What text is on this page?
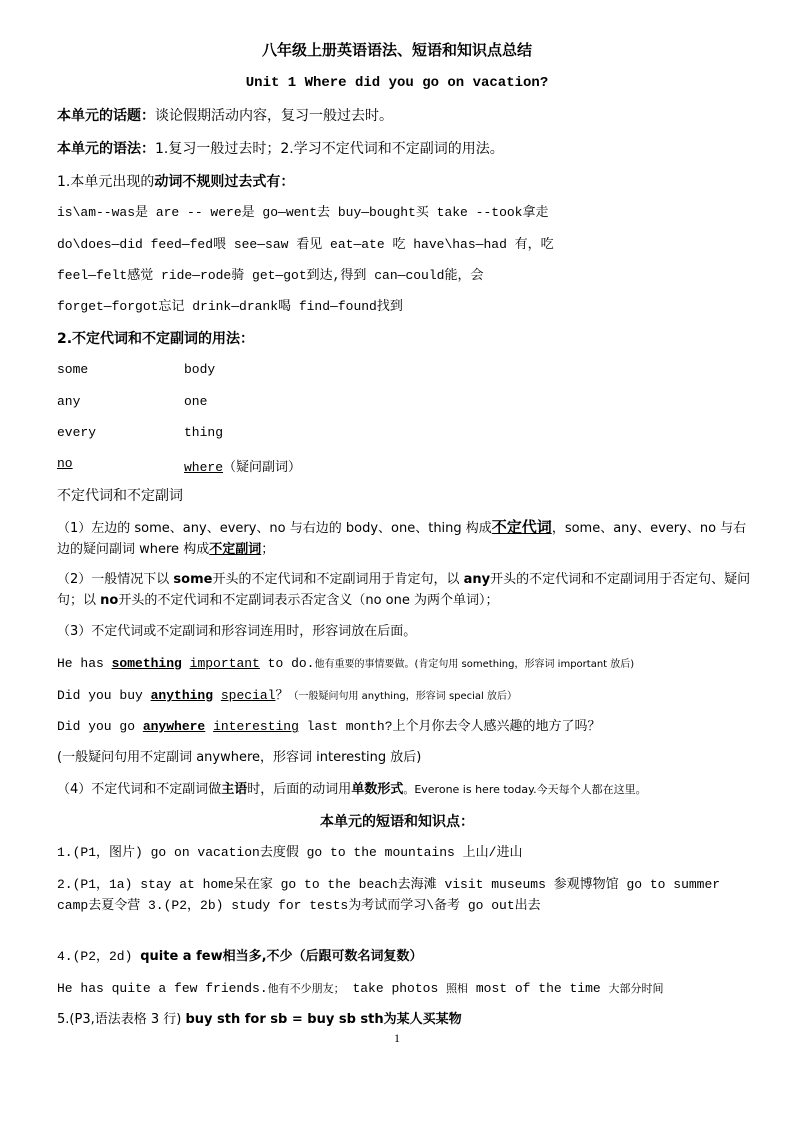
八年级上册英语语法、短语和知识点总结
Unit 1 Where did you go on vacation?
本单元的话题：谈论假期活动内容，复习一般过去时。
本单元的语法：1.复习一般过去时；2.学习不定代词和不定副词的用法。
1.本单元出现的动词不规则过去式有：
is\am--was是 are -- were是 go—went去 buy—bought买 take --took拿走
do\does—did feed—fed喂 see—saw 看见 eat—ate 吃 have\has—had 有，吃
feel—felt感觉 ride—rode骑 get—got到达,得到 can—could能，会
forget—forgot忘记 drink—drank喝 find—found找到
2.不定代词和不定副词的用法：
some	body
any	one
every	thing
no	where（疑问副词）
不定代词和不定副词
（1）左边的 some、any、every、no 与右边的 body、one、thing 构成不定代词，some、any、every、no 与右边的疑问副词 where 构成不定副词；
（2）一般情况下以 some开头的不定代词和不定副词用于肯定句，以 any开头的不定代词和不定副词用于否定句、疑问句；以 no开头的不定代词和不定副词表示否定含义（no one 为两个单词）；
（3）不定代词或不定副词和形容词连用时，形容词放在后面。
He has something important to do.他有重要的事情要做。(肯定句用 something，形容词 important 放后)
Did you buy anything special？（一般疑问句用 anything，形容词 special 放后）
Did you go anywhere interesting last month?上个月你去令人感兴趣的地方了吗？
(一般疑问句用不定副词 anywhere，形容词 interesting 放后)
（4）不定代词和不定副词做主语时，后面的动词用单数形式。Everone is here today.今天每个人都在这里。
本单元的短语和知识点：
1.(P1，图片) go on vacation去度假 go to the mountains 上山/进山
2.(P1，1a) stay at home呆在家 go to the beach去海滩 visit museums 参观博物馆 go to summer camp去夏令营 3.(P2，2b) study for tests为考试而学习\备考 go out出去
4.(P2，2d) quite a few相当多,不少（后跟可数名词复数）
He has quite a few friends.他有不少朋友； take photos 照相 most of the time 大部分时间
5.(P3,语法表格 3 行) buy sth for sb = buy sb sth为某人买某物
1
